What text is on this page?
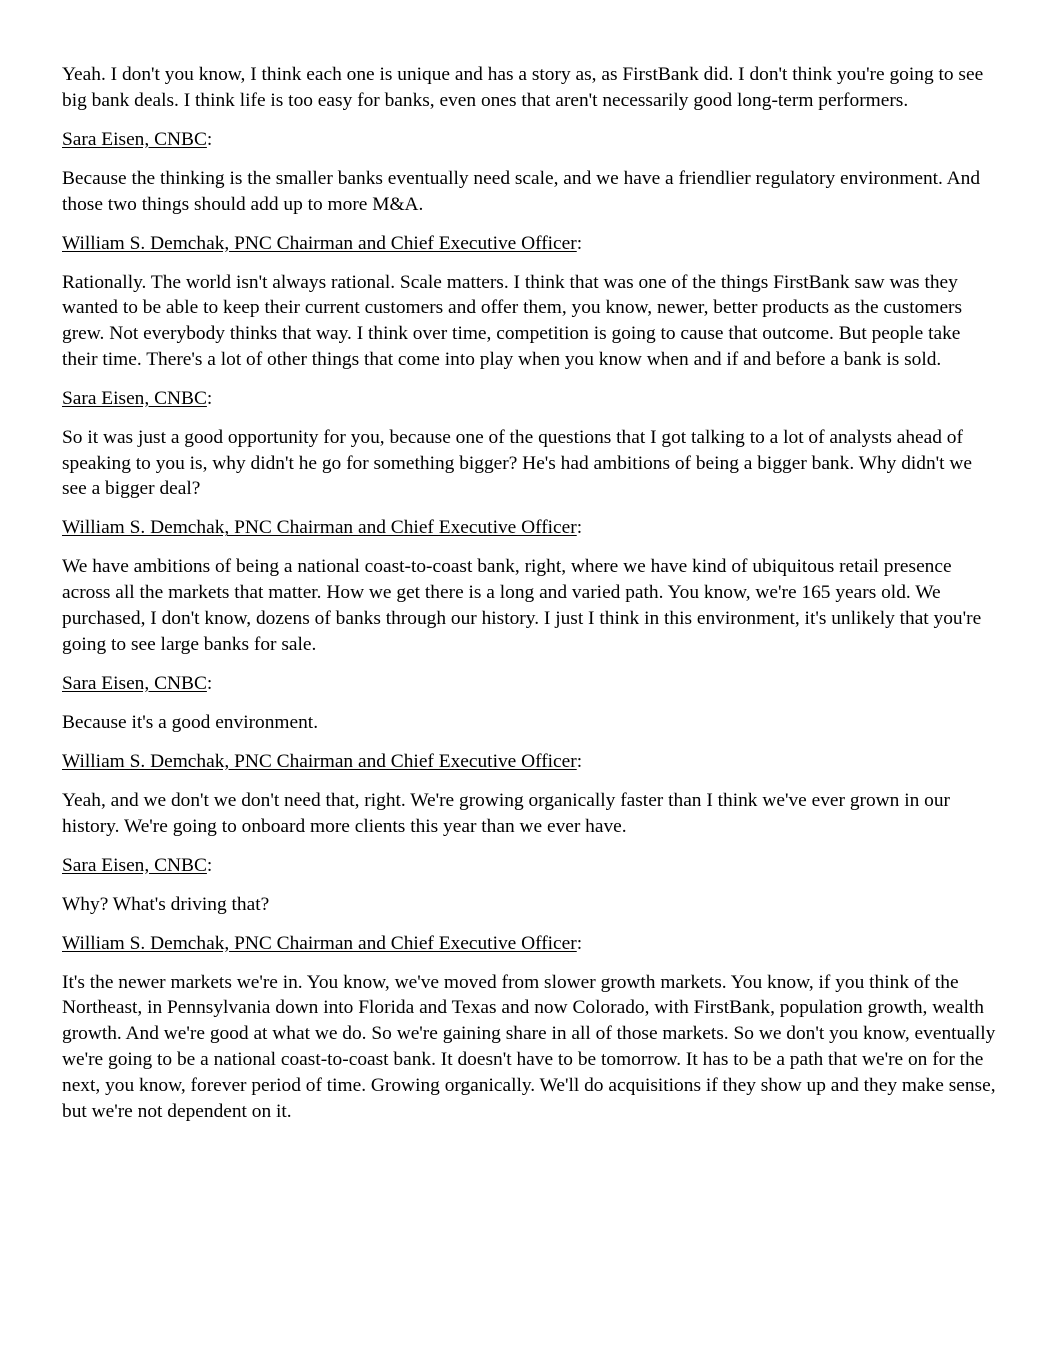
Yeah. I don't you know, I think each one is unique and has a story as, as FirstBank did. I don't think you're going to see big bank deals. I think life is too easy for banks, even ones that aren't necessarily good long-term performers.

Sara Eisen, CNBC:

Because the thinking is the smaller banks eventually need scale, and we have a friendlier regulatory environment. And those two things should add up to more M&A.

William S. Demchak, PNC Chairman and Chief Executive Officer:

Rationally. The world isn't always rational. Scale matters. I think that was one of the things FirstBank saw was they wanted to be able to keep their current customers and offer them, you know, newer, better products as the customers grew. Not everybody thinks that way. I think over time, competition is going to cause that outcome. But people take their time. There's a lot of other things that come into play when you know when and if and before a bank is sold.

Sara Eisen, CNBC:

So it was just a good opportunity for you, because one of the questions that I got talking to a lot of analysts ahead of speaking to you is, why didn't he go for something bigger? He's had ambitions of being a bigger bank. Why didn't we see a bigger deal?

William S. Demchak, PNC Chairman and Chief Executive Officer:

We have ambitions of being a national coast-to-coast bank, right, where we have kind of ubiquitous retail presence across all the markets that matter. How we get there is a long and varied path. You know, we're 165 years old. We purchased, I don't know, dozens of banks through our history. I just I think in this environment, it's unlikely that you're going to see large banks for sale.

Sara Eisen, CNBC:

Because it's a good environment.

William S. Demchak, PNC Chairman and Chief Executive Officer:

Yeah, and we don't we don't need that, right. We're growing organically faster than I think we've ever grown in our history. We're going to onboard more clients this year than we ever have.

Sara Eisen, CNBC:

Why? What's driving that?

William S. Demchak, PNC Chairman and Chief Executive Officer:

It's the newer markets we're in. You know, we've moved from slower growth markets. You know, if you think of the Northeast, in Pennsylvania down into Florida and Texas and now Colorado, with FirstBank, population growth, wealth growth. And we're good at what we do. So we're gaining share in all of those markets. So we don't you know, eventually we're going to be a national coast-to-coast bank. It doesn't have to be tomorrow. It has to be a path that we're on for the next, you know, forever period of time. Growing organically. We'll do acquisitions if they show up and they make sense, but we're not dependent on it.
